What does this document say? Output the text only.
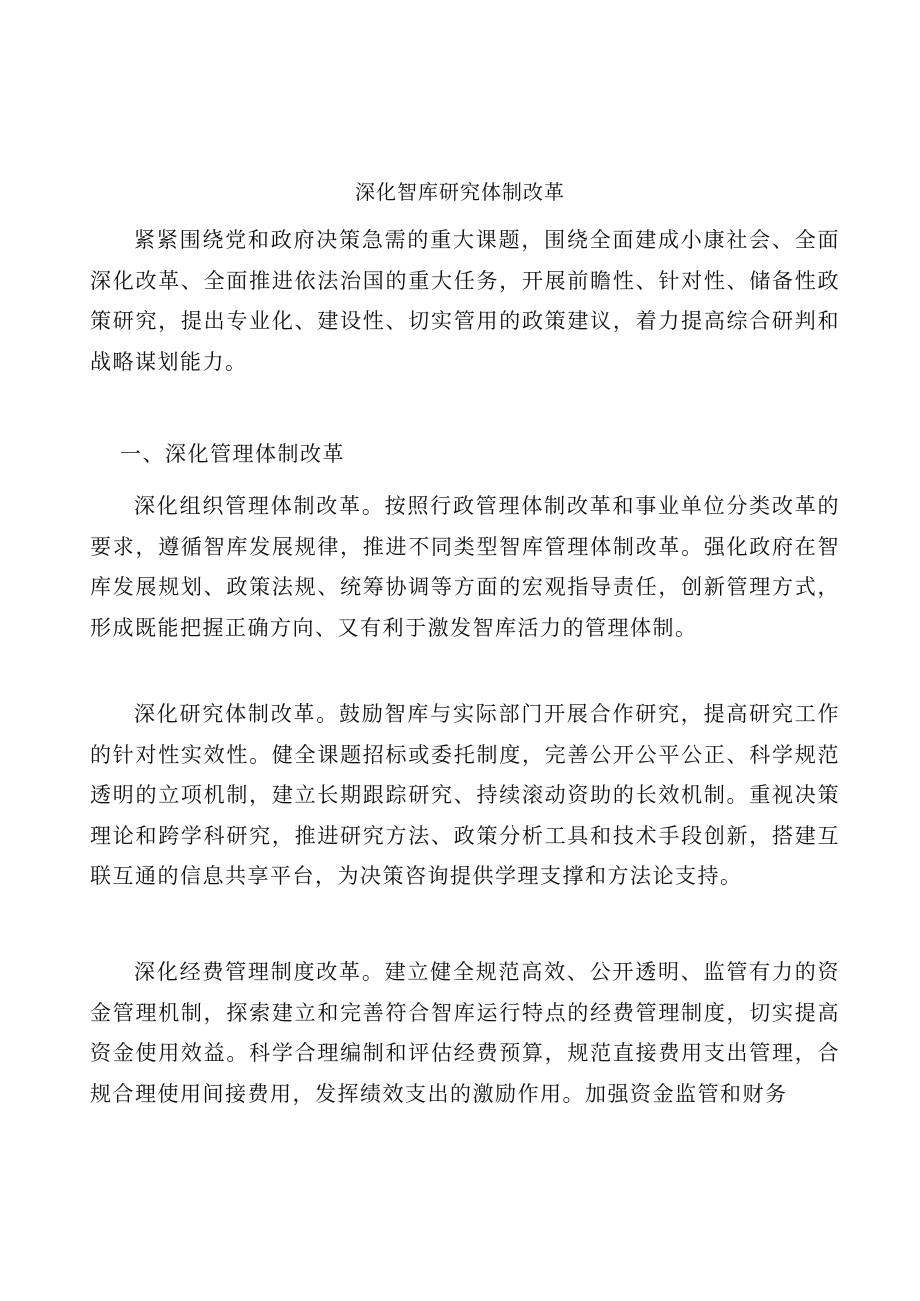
深化智库研究体制改革

紧紧围绕党和政府决策急需的重大课题，围绕全面建成小康社会、全面深化改革、全面推进依法治国的重大任务，开展前瞻性、针对性、储备性政策研究，提出专业化、建设性、切实管用的政策建议，着力提高综合研判和战略谋划能力。

一、深化管理体制改革

深化组织管理体制改革。按照行政管理体制改革和事业单位分类改革的要求，遵循智库发展规律，推进不同类型智库管理体制改革。强化政府在智库发展规划、政策法规、统筹协调等方面的宏观指导责任，创新管理方式，形成既能把握正确方向、又有利于激发智库活力的管理体制。

深化研究体制改革。鼓励智库与实际部门开展合作研究，提高研究工作的针对性实效性。健全课题招标或委托制度，完善公开公平公正、科学规范透明的立项机制，建立长期跟踪研究、持续滚动资助的长效机制。重视决策理论和跨学科研究，推进研究方法、政策分析工具和技术手段创新，搭建互联互通的信息共享平台，为决策咨询提供学理支撑和方法论支持。

深化经费管理制度改革。建立健全规范高效、公开透明、监管有力的资金管理机制，探索建立和完善符合智库运行特点的经费管理制度，切实提高资金使用效益。科学合理编制和评估经费预算，规范直接费用支出管理，合规合理使用间接费用，发挥绩效支出的激励作用。加强资金监管和财务
